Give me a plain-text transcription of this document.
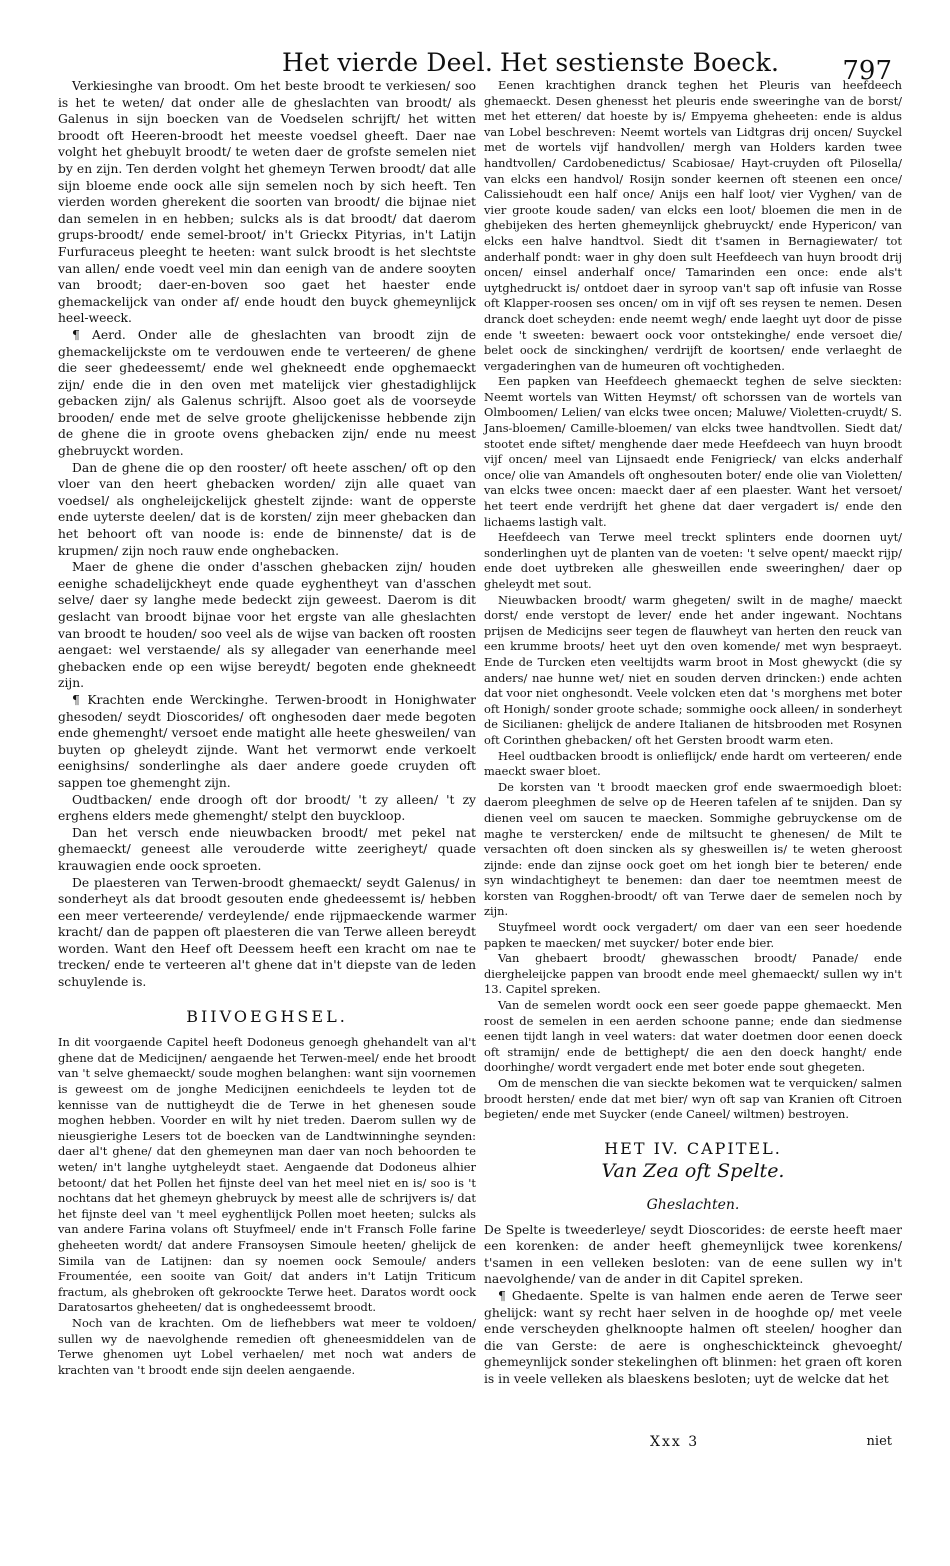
Het vierde Deel. Het sestienste Boeck. 797

Verkiesinghe van broodt. Om het beste broodt te verkiesen/ soo is het te weten/ dat onder alle de gheslachten van broodt/ als Galenus in sijn boecken van de Voedselen schrijft/ het witten broodt oft Heeren-broodt het meeste voedsel gheeft. Daer nae volght het ghebuylt broodt/ te weten daer de grofste semelen niet by en zijn. Ten derden volght het ghemeyn Terwen broodt/ dat alle sijn bloeme ende oock alle sijn semelen noch by sich heeft. Ten vierden worden gherekent die soorten van broodt/ die bijnae niet dan semelen in en hebben; sulcks als is dat broodt/ dat daerom grups-broodt/ ende semel-broot/ in't Grieckx Pityrias, in't Latijn Furfuraceus pleeght te heeten: want sulck broodt is het slechtste van allen/ ende voedt veel min dan eenigh van de andere sooyten van broodt; daer-en-boven soo gaet het haester ende ghemackelijck van onder af/ ende houdt den buyck ghemeynlijck heel-weeck.

¶ Aerd. Onder alle de gheslachten van broodt zijn de ghemackelijckste om te verdouwen ende te verteeren/ de ghene die seer ghedeessemt/ ende wel ghekneedt ende opghemaeckt zijn/ ende die in den oven met matelijck vier ghestadighlijck gebacken zijn/ als Galenus schrijft. Alsoo goet als de voorseyde brooden/ ende met de selve groote ghelijckenisse hebbende zijn de ghene die in groote ovens ghebacken zijn/ ende nu meest ghebruyckt worden.

Dan de ghene die op den rooster/ oft heete asschen/ oft op den vloer van den heert ghebacken worden/ zijn alle quaet van voedsel/ als ongheleijckelijck ghestelt zijnde: want de opperste ende uyterste deelen/ dat is de korsten/ zijn meer ghebacken dan het behoort oft van noode is: ende de binnenste/ dat is de krupmen/ zijn noch rauw ende onghebacken.

Maer de ghene die onder d'asschen ghebacken zijn/ houden eenighe schadelijckheyt ende quade eyghentheyt van d'asschen selve/ daer sy langhe mede bedeckt zijn geweest. Daerom is dit geslacht van broodt bijnae voor het ergste van alle gheslachten van broodt te houden/ soo veel als de wijse van backen oft roosten aengaet: wel verstaende/ als sy allegader van eenerhande meel ghebacken ende op een wijse bereydt/ begoten ende ghekneedt zijn.

¶ Krachten ende Werckinghe. Terwen-broodt in Honighwater ghesoden/ seydt Dioscorides/ oft onghesoden daer mede begoten ende ghemenght/ versoet ende matight alle heete ghesweilen/ van buyten op gheleydt zijnde. Want het vermorwt ende verkoelt eenighsins/ sonderlinghe als daer andere goede cruyden oft sappen toe ghemenght zijn.

Oudtbacken/ ende droogh oft dor broodt/ 't zy alleen/ 't zy erghens elders mede ghemenght/ stelpt den buyckloop.

Dan het versch ende nieuwbacken broodt/ met pekel nat ghemaeckt/ geneest alle verouderde witte zeerigheyt/ quade krauwagien ende oock sproeten.

De plaesteren van Terwen-broodt ghemaeckt/ seydt Galenus/ in sonderheyt als dat broodt gesouten ende ghedeessemt is/ hebben een meer verteerende/ verdeylende/ ende rijpmaeckende warmer kracht/ dan de pappen oft plaesteren die van Terwe alleen bereydt worden. Want den Heef oft Deessem heeft een kracht om nae te trecken/ ende te verteeren al't ghene dat in't diepste van de leden schuylende is.

BIIVOEGHSEL.

In dit voorgaende Capitel heeft Dodoneus genoegh ghehandelt van al't ghene dat de Medicijnen/ aengaende het Terwen-meel/ ende het broodt van 't selve ghemaeckt/ soude moghen belanghen: want sijn voornemen is geweest om de jonghe Medicijnen eenichdeels te leyden tot de kennisse van de nuttigheydt die de Terwe in het ghenesen soude moghen hebben. Voorder en wilt hy niet treden. Daerom sullen wy de nieusgierighe Lesers tot de boecken van de Landtwinninghe seynden: daer al't ghene/ dat den ghemeynen man daer van noch behoorden te weten/ in't langhe uytgheleydt staet. Aengaende dat Dodoneus alhier betoont/ dat het Pollen het fijnste deel van het meel niet en is/ soo is 't nochtans dat het ghemeyn ghebruyck by meest alle de schrijvers is/ dat het fijnste deel van 't meel eyghentlijck Pollen moet heeten; sulcks als van andere Farina volans oft Stuyfmeel/ ende in't Fransch Folle farine gheheeten wordt/ dat andere Fransoysen Simoule heeten/ ghelijck de Simila van de Latijnen: dan sy noemen oock Semoule/ anders Froumentée, een sooite van Goit/ dat anders in't Latijn Triticum fractum, als ghebroken oft gekroockte Terwe heet. Daratos wordt oock Daratosartos gheheeten/ dat is onghedeessemt broodt.

Noch van de krachten. Om de liefhebbers wat meer te voldoen/ sullen wy de naevolghende remedien oft gheneesmiddelen van de Terwe ghenomen uyt Lobel verhaelen/ met noch wat anders de krachten van 't broodt ende sijn deelen aengaende.

Eenen krachtighen dranck teghen het Pleuris van heefdeech ghemaeckt. Desen ghenesst het pleuris ende sweeringhe van de borst/ met het etteren/ dat hoeste by is/ Empyema gheheeten: ende is aldus van Lobel beschreven: Neemt wortels van Lidtgras drij oncen/ Suyckel met de wortels vijf handvollen/ mergh van Holders karden twee handtvollen/ Cardobenedictus/ Scabiosae/ Hayt-cruyden oft Pilosella/ van elcks een handvol/ Rosijn sonder keernen oft steenen een once/ Calissiehoudt een half once/ Anijs een half loot/ vier Vyghen/ van de vier groote koude saden/ van elcks een loot/ bloemen die men in de ghebijeken des herten ghemeynlijck ghebruyckt/ ende Hypericon/ van elcks een halve handtvol. Siedt dit t'samen in Bernagiewater/ tot anderhalf pondt: waer in ghy doen sult Heefdeech van huyn broodt drij oncen/ einsel anderhalf once/ Tamarinden een once: ende als't uytghedruckt is/ ontdoet daer in syroop van't sap oft infusie van Rosse oft Klapper-roosen ses oncen/ om in vijf oft ses reysen te nemen. Desen dranck doet scheyden: ende neemt wegh/ ende laeght uyt door de pisse ende 't sweeten: bewaert oock voor ontstekinghe/ ende versoet die/ belet oock de sinckinghen/ verdrijft de koortsen/ ende verlaeght de vergaderinghen van de humeuren oft vochtigheden.

Een papken van Heefdeech ghemaeckt teghen de selve sieckten: Neemt wortels van Witten Heymst/ oft schorssen van de wortels van Olmboomen/ Lelien/ van elcks twee oncen; Maluwe/ Violetten-cruydt/ S. Jans-bloemen/ Camille-bloemen/ van elcks twee handtvollen. Siedt dat/ stootet ende siftet/ menghende daer mede Heefdeech van huyn broodt vijf oncen/ meel van Lijnsaedt ende Fenigrieck/ van elcks anderhalf once/ olie van Amandels oft onghesouten boter/ ende olie van Violetten/ van elcks twee oncen: maeckt daer af een plaester. Want het versoet/ het teert ende verdrijft het ghene dat daer vergadert is/ ende den lichaems lastigh valt.

Heefdeech van Terwe meel treckt splinters ende doornen uyt/ sonderlinghen uyt de planten van de voeten: 't selve opent/ maeckt rijp/ ende doet uytbreken alle ghesweillen ende sweeringhen/ daer op gheleydt met sout.

Nieuwbacken broodt/ warm ghegeten/ swilt in de maghe/ maeckt dorst/ ende verstopt de lever/ ende het ander ingewant. Nochtans prijsen de Medicijns seer tegen de flauwheyt van herten den reuck van een krumme broots/ heet uyt den oven komende/ met wyn bespraeyt. Ende de Turcken eten veeltijdts warm broot in Most ghewyckt (die sy anders/ nae hunne wet/ niet en souden derven drincken:) ende achten dat voor niet onghesondt. Veele volcken eten dat 's morghens met boter oft Honigh/ sonder groote schade; sommighe oock alleen/ in sonderheyt de Sicilianen: ghelijck de andere Italianen de hitsbrooden met Rosynen oft Corinthen ghebacken/ oft het Gersten broodt warm eten.

Heel oudtbacken broodt is onlieflijck/ ende hardt om verteeren/ ende maeckt swaer bloet.

De korsten van 't broodt maecken grof ende swaermoedigh bloet: daerom pleeghmen de selve op de Heeren tafelen af te snijden. Dan sy dienen veel om saucen te maecken. Sommighe gebruyckense om de maghe te verstercken/ ende de miltsucht te ghenesen/ de Milt te versachten oft doen sincken als sy ghesweillen is/ te weten gheroost zijnde: ende dan zijnse oock goet om het iongh bier te beteren/ ende syn windachtigheyt te benemen: dan daer toe neemtmen meest de korsten van Rogghen-broodt/ oft van Terwe daer de semelen noch by zijn.

Stuyfmeel wordt oock vergadert/ om daer van een seer hoedende papken te maecken/ met suycker/ boter ende bier.

Van ghebaert broodt/ ghewasschen broodt/ Panade/ ende diergheleijcke pappen van broodt ende meel ghemaeckt/ sullen wy in't 13. Capitel spreken.

Van de semelen wordt oock een seer goede pappe ghemaeckt. Men roost de semelen in een aerden schoone panne; ende dan siedmense eenen tijdt langh in veel waters: dat water doetmen door eenen doeck oft stramijn/ ende de bettighept/ die aen den doeck hanght/ ende doorhinghe/ wordt vergadert ende met boter ende sout ghegeten.

Om de menschen die van sieckte bekomen wat te verquicken/ salmen broodt hersten/ ende dat met bier/ wyn oft sap van Kranien oft Citroen begieten/ ende met Suycker (ende Caneel/ wiltmen) bestroyen.

HET IV. CAPITEL.
Van Zea oft Spelte.
Gheslachten.

De Spelte is tweederleye/ seydt Dioscorides: de eerste heeft maer een korenken: de ander heeft ghemeynlijck twee korenkens/ t'samen in een velleken besloten: van de eene sullen wy in't naevolghende/ van de ander in dit Capitel spreken.

¶ Ghedaente. Spelte is van halmen ende aeren de Terwe seer ghelijck: want sy recht haer selven in de hooghde op/ met veele ende verscheyden ghelknoopte halmen oft steelen/ hoogher dan die van Gerste: de aere is ongheschickteinck ghevoeght/ ghemeynlijck sonder stekelinghen oft blinmen: het graen oft koren is in veele velleken als blaeskens besloten; uyt de welcke dat het

Xxx 3	niet
